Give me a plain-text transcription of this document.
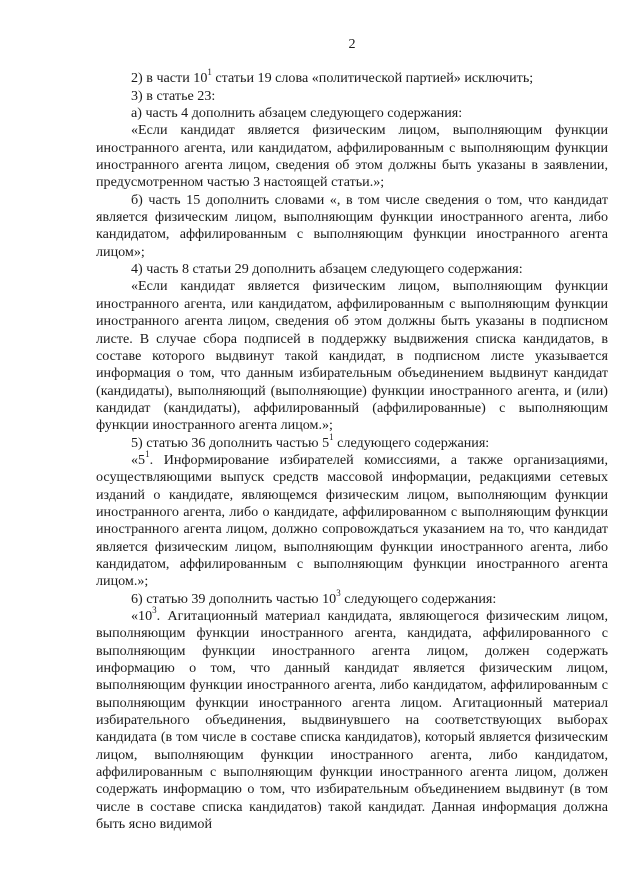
2

2) в части $10^1$ статьи 19 слова «политической партией» исключить;

3) в статье 23:

а) часть 4 дополнить абзацем следующего содержания:

«Если кандидат является физическим лицом, выполняющим функции иностранного агента, или кандидатом, аффилированным с выполняющим функции иностранного агента лицом, сведения об этом должны быть указаны в заявлении, предусмотренном частью 3 настоящей статьи.»;

б) часть 15 дополнить словами «, в том числе сведения о том, что кандидат является физическим лицом, выполняющим функции иностранного агента, либо кандидатом, аффилированным с выполняющим функции иностранного агента лицом»;

4) часть 8 статьи 29 дополнить абзацем следующего содержания:

«Если кандидат является физическим лицом, выполняющим функции иностранного агента, или кандидатом, аффилированным с выполняющим функции иностранного агента лицом, сведения об этом должны быть указаны в подписном листе. В случае сбора подписей в поддержку выдвижения списка кандидатов, в составе которого выдвинут такой кандидат, в подписном листе указывается информация о том, что данным избирательным объединением выдвинут кандидат (кандидаты), выполняющий (выполняющие) функции иностранного агента, и (или) кандидат (кандидаты), аффилированный (аффилированные) с выполняющим функции иностранного агента лицом.»;

5) статью 36 дополнить частью $5^1$ следующего содержания:

«$5^1$. Информирование избирателей комиссиями, а также организациями, осуществляющими выпуск средств массовой информации, редакциями сетевых изданий о кандидате, являющемся физическим лицом, выполняющим функции иностранного агента, либо о кандидате, аффилированном с выполняющим функции иностранного агента лицом, должно сопровождаться указанием на то, что кандидат является физическим лицом, выполняющим функции иностранного агента, либо кандидатом, аффилированным с выполняющим функции иностранного агента лицом.»;

6) статью 39 дополнить частью $10^3$ следующего содержания:

«$10^3$. Агитационный материал кандидата, являющегося физическим лицом, выполняющим функции иностранного агента, кандидата, аффилированного с выполняющим функции иностранного агента лицом, должен содержать информацию о том, что данный кандидат является физическим лицом, выполняющим функции иностранного агента, либо кандидатом, аффилированным с выполняющим функции иностранного агента лицом. Агитационный материал избирательного объединения, выдвинувшего на соответствующих выборах кандидата (в том числе в составе списка кандидатов), который является физическим лицом, выполняющим функции иностранного агента, либо кандидатом, аффилированным с выполняющим функции иностранного агента лицом, должен содержать информацию о том, что избирательным объединением выдвинут (в том числе в составе списка кандидатов) такой кандидат. Данная информация должна быть ясно видимой
